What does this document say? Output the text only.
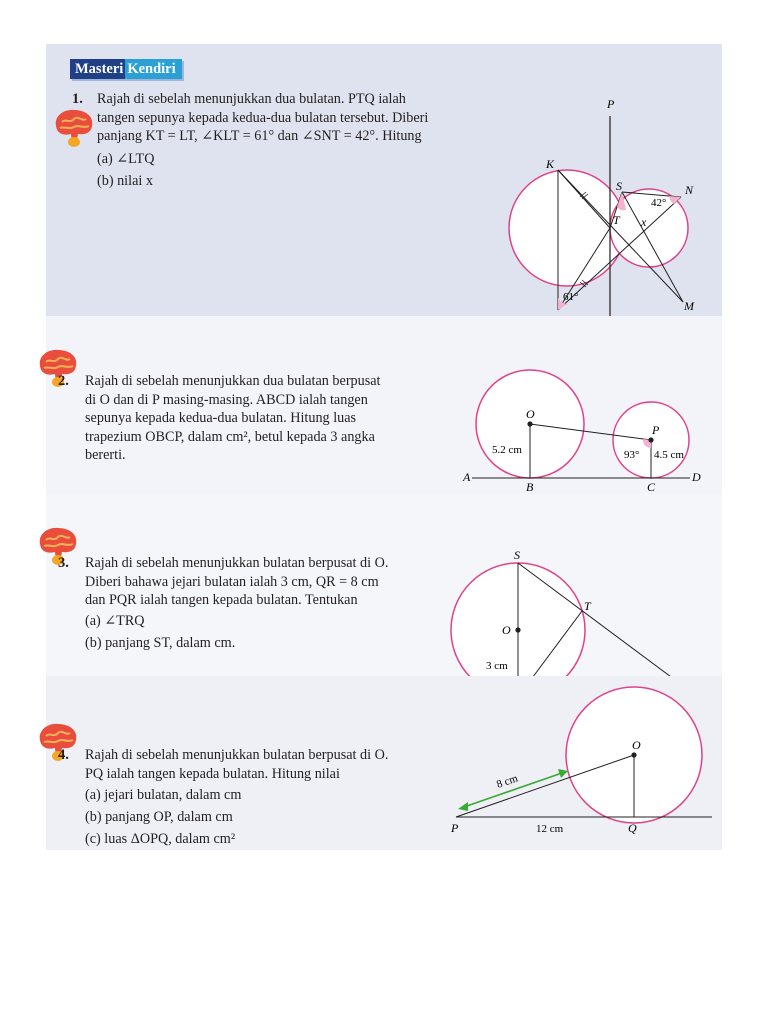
Masteri Kendiri
1. Rajah di sebelah menunjukkan dua bulatan. PTQ ialah
tangen sepunya kepada kedua-dua bulatan tersebut. Diberi
panjang KT = LT, ∠KLT = 61° dan ∠SNT = 42°. Hitung
(a) ∠LTQ
(b) nilai x
P
K
S	N
M
T x
61°
42°
2. Rajah di sebelah menunjukkan dua bulatan berpusat
di O dan di P masing-masing. ABCD ialah tangen
sepunya kepada kedua-dua bulatan. Hitung luas
trapezium OBCP, dalam cm², betul kepada 3 angka
bererti.
O
P
A
B	C
D
5.2 cm	4.5 cm
93°
3. Rajah di sebelah menunjukkan bulatan berpusat di O.
Diberi bahawa jejari bulatan ialah 3 cm, QR = 8 cm
dan PQR ialah tangen kepada bulatan. Tentukan
(a) ∠TRQ
(b) panjang ST, dalam cm.
S
T
O
3 cm
4. Rajah di sebelah menunjukkan bulatan berpusat di O.
PQ ialah tangen kepada bulatan. Hitung nilai
(a) jejari bulatan, dalam cm
(b) panjang OP, dalam cm
(c) luas ΔOPQ, dalam cm²
O
P	Q
8 cm
12 cm
